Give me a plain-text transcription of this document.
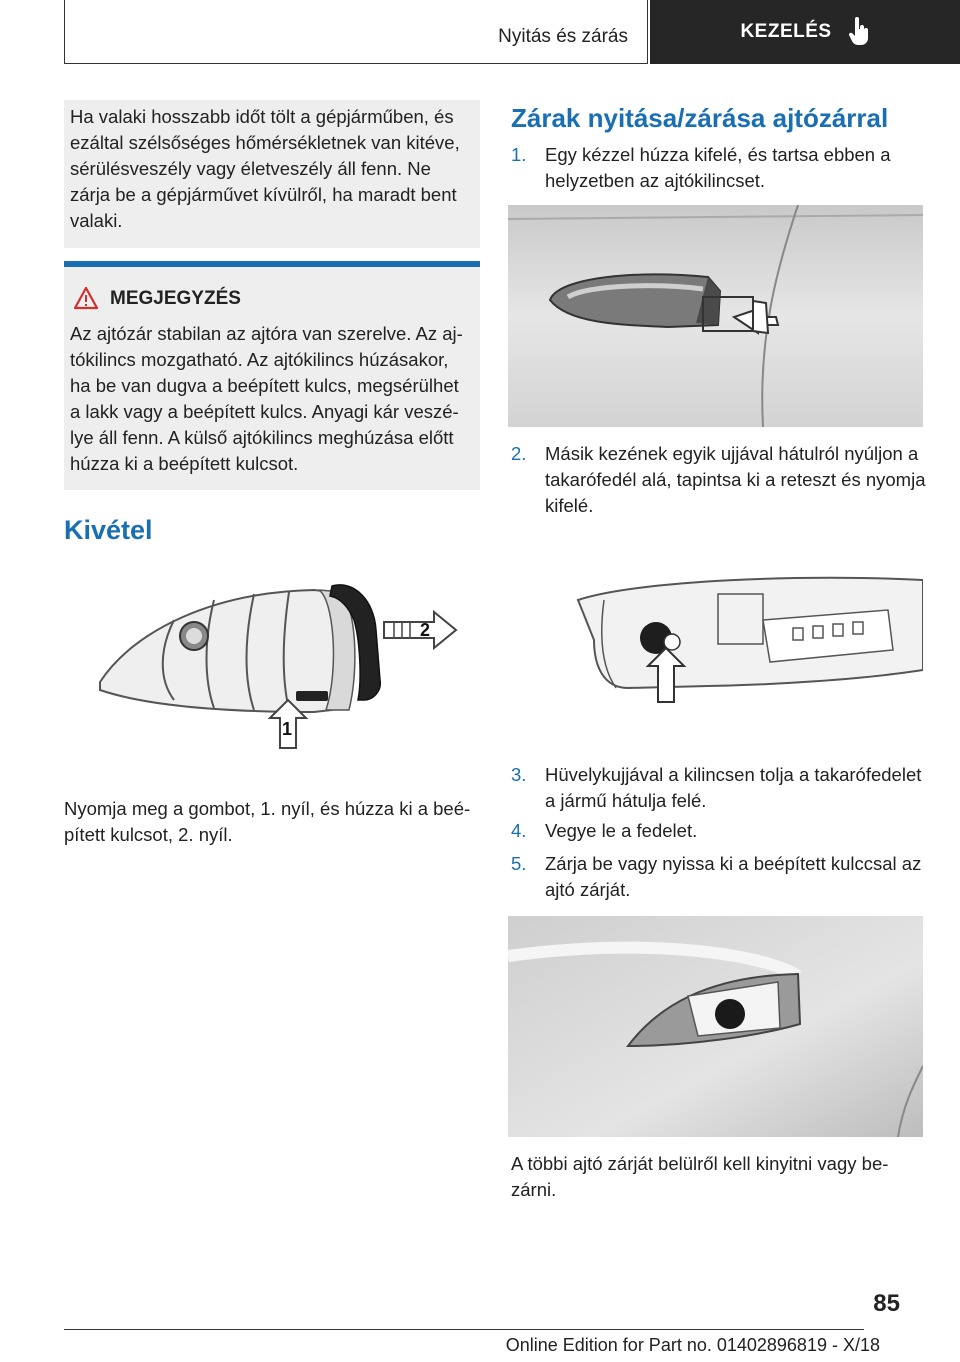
Nyitás és zárás	KEZELÉS
Ha valaki hosszabb időt tölt a gépjárműben, és ezáltal szélsőséges hőmérsékletnek van kitéve, sérülésveszély vagy életveszély áll fenn. Ne zárja be a gépjárművet kívülről, ha maradt bent valaki.
MEGJEGYZÉS
Az ajtózár stabilan az ajtóra van szerelve. Az aj-tókilincs mozgatható. Az ajtókilincs húzásakor, ha be van dugva a beépített kulcs, megsérülhet a lakk vagy a beépített kulcs. Anyagi kár veszé-lye áll fenn. A külső ajtókilincs meghúzása előtt húzza ki a beépített kulcsot.
Kivétel
1
2
Nyomja meg a gombot, 1. nyíl, és húzza ki a beé-pített kulcsot, 2. nyíl.
Zárak nyitása/zárása ajtózárral
1. Egy kézzel húzza kifelé, és tartsa ebben a helyzetben az ajtókilincset.
2. Másik kezének egyik ujjával hátulról nyúljon a takarófedél alá, tapintsa ki a reteszt és nyomja kifelé.
3. Hüvelykujjával a kilincsen tolja a takarófedelet a jármű hátulja felé.
4. Vegye le a fedelet.
5. Zárja be vagy nyissa ki a beépített kulccsal az ajtó zárját.
A többi ajtó zárját belülről kell kinyitni vagy be-zárni.
85
Online Edition for Part no. 01402896819 - X/18
